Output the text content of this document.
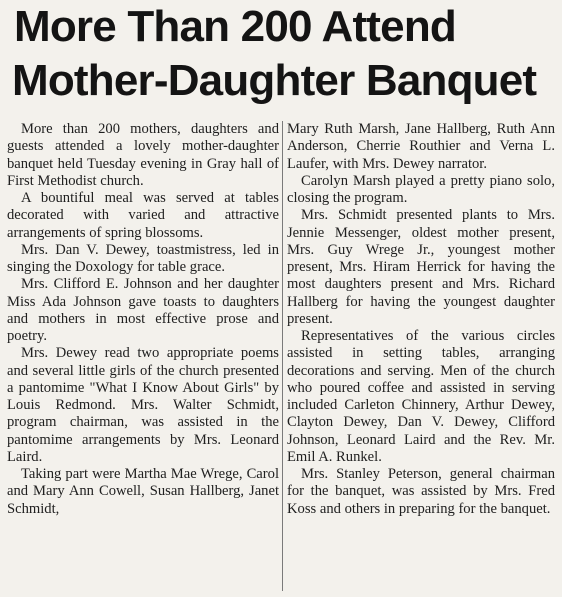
More Than 200 Attend
Mother-Daughter Banquet

More than 200 mothers, daughters and guests attended a lovely mother-daughter banquet held Tuesday evening in Gray hall of First Methodist church.

A bountiful meal was served at tables decorated with varied and attractive arrangements of spring blossoms.

Mrs. Dan V. Dewey, toastmistress, led in singing the Doxology for table grace.

Mrs. Clifford E. Johnson and her daughter Miss Ada Johnson gave toasts to daughters and mothers in most effective prose and poetry.

Mrs. Dewey read two appropriate poems and several little girls of the church presented a pantomime "What I Know About Girls" by Louis Redmond. Mrs. Walter Schmidt, program chairman, was assisted in the pantomime arrangements by Mrs. Leonard Laird.

Taking part were Martha Mae Wrege, Carol and Mary Ann Cowell, Susan Hallberg, Janet Schmidt,

Mary Ruth Marsh, Jane Hallberg, Ruth Ann Anderson, Cherrie Routhier and Verna L. Laufer, with Mrs. Dewey narrator.

Carolyn Marsh played a pretty piano solo, closing the program.

Mrs. Schmidt presented plants to Mrs. Jennie Messenger, oldest mother present, Mrs. Guy Wrege Jr., youngest mother present, Mrs. Hiram Herrick for having the most daughters present and Mrs. Richard Hallberg for having the youngest daughter present.

Representatives of the various circles assisted in setting tables, arranging decorations and serving. Men of the church who poured coffee and assisted in serving included Carleton Chinnery, Arthur Dewey, Clayton Dewey, Dan V. Dewey, Clifford Johnson, Leonard Laird and the Rev. Mr. Emil A. Runkel.

Mrs. Stanley Peterson, general chairman for the banquet, was assisted by Mrs. Fred Koss and others in preparing for the banquet.
